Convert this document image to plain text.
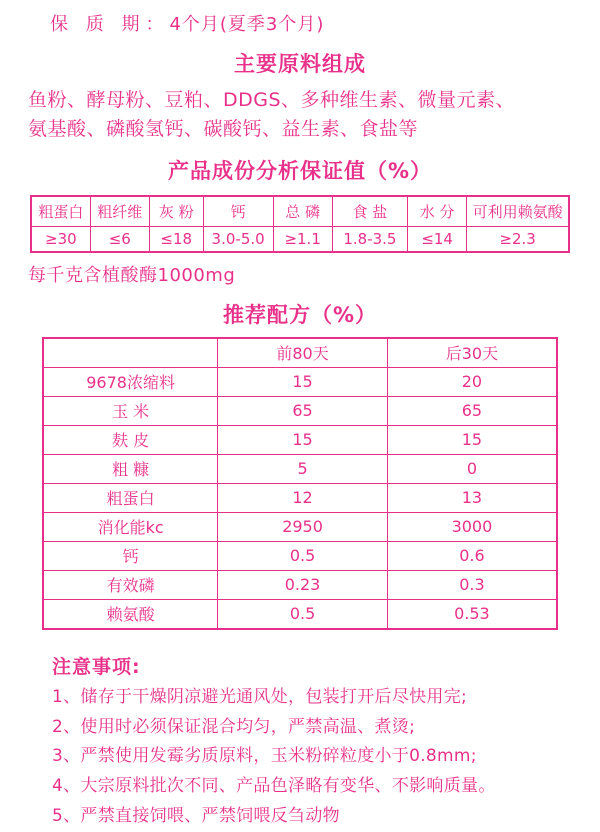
保 质 期：4个月(夏季3个月)
主要原料组成
鱼粉、酵母粉、豆粕、DDGS、多种维生素、微量元素、
氨基酸、磷酸氢钙、碳酸钙、益生素、食盐等
产品成份分析保证值（%）
粗蛋白	粗纤维	灰 粉	钙	总 磷	食 盐	水 分	可利用赖氨酸
≥30	≤6	≤18	3.0-5.0	≥1.1	1.8-3.5	≤14	≥2.3
每千克含植酸酶1000mg
推荐配方（%）
	前80天	后30天
9678浓缩料	15	20
玉 米	65	65
麸 皮	15	15
粗 糠	5	0
粗蛋白	12	13
消化能kc	2950	3000
钙	0.5	0.6
有效磷	0.23	0.3
赖氨酸	0.5	0.53
注意事项:
1、储存于干燥阴凉避光通风处，包装打开后尽快用完;
2、使用时必须保证混合均匀，严禁高温、煮烫;
3、严禁使用发霉劣质原料，玉米粉碎粒度小于0.8mm;
4、大宗原料批次不同、产品色泽略有变华、不影响质量。
5、严禁直接饲喂、严禁饲喂反刍动物
